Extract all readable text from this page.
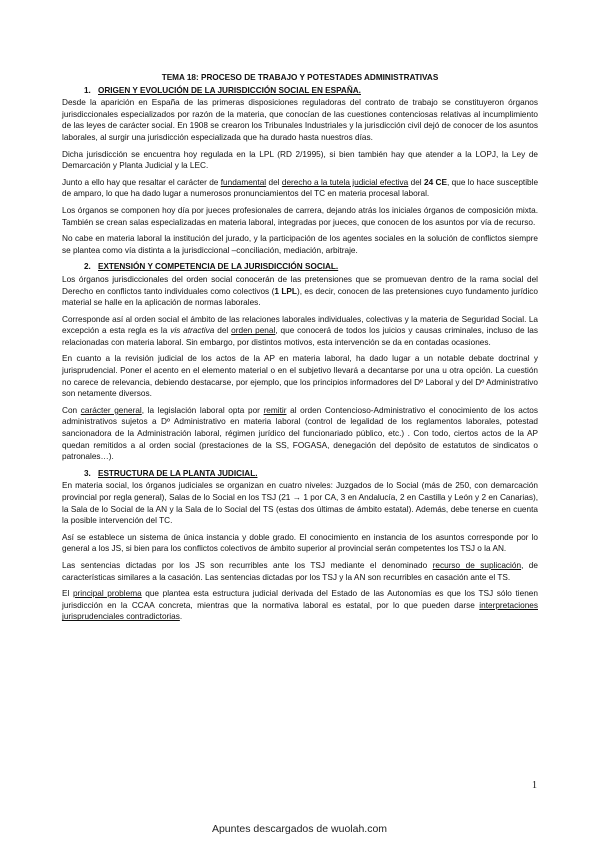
TEMA 18: PROCESO DE TRABAJO Y POTESTADES ADMINISTRATIVAS
1. ORIGEN Y EVOLUCIÓN DE LA JURISDICCIÓN SOCIAL EN ESPAÑA.

Desde la aparición en España de las primeras disposiciones reguladoras del contrato de trabajo se constituyeron órganos jurisdiccionales especializados por razón de la materia, que conocían de las cuestiones contenciosas relativas al incumplimiento de las leyes de carácter social. En 1908 se crearon los Tribunales Industriales y la jurisdicción civil dejó de conocer de los asuntos laborales, al surgir una jurisdicción especializada que ha durado hasta nuestros días.

Dicha jurisdicción se encuentra hoy regulada en la LPL (RD 2/1995), si bien también hay que atender a la LOPJ, la Ley de Demarcación y Planta Judicial y la LEC.

Junto a ello hay que resaltar el carácter de fundamental del derecho a la tutela judicial efectiva del 24 CE, que lo hace susceptible de amparo, lo que ha dado lugar a numerosos pronunciamientos del TC en materia procesal laboral.

Los órganos se componen hoy día por jueces profesionales de carrera, dejando atrás los iniciales órganos de composición mixta. También se crean salas especializadas en materia laboral, integradas por jueces, que conocen de los asuntos por vía de recurso.

No cabe en materia laboral la institución del jurado, y la participación de los agentes sociales en la solución de conflictos siempre se plantea como vía distinta a la jurisdiccional –conciliación, mediación, arbitraje.

2. EXTENSIÓN Y COMPETENCIA DE LA JURISDICCIÓN SOCIAL.

Los órganos jurisdiccionales del orden social conocerán de las pretensiones que se promuevan dentro de la rama social del Derecho en conflictos tanto individuales como colectivos (1 LPL), es decir, conocen de las pretensiones cuyo fundamento jurídico material se halle en la aplicación de normas laborales.

Corresponde así al orden social el ámbito de las relaciones laborales individuales, colectivas y la materia de Seguridad Social. La excepción a esta regla es la vis atractiva del orden penal, que conocerá de todos los juicios y causas criminales, incluso de las relacionadas con materia laboral. Sin embargo, por distintos motivos, esta intervención se da en contadas ocasiones.

En cuanto a la revisión judicial de los actos de la AP en materia laboral, ha dado lugar a un notable debate doctrinal y jurisprudencial. Poner el acento en el elemento material o en el subjetivo llevará a decantarse por una u otra opción. La cuestión no carece de relevancia, debiendo destacarse, por ejemplo, que los principios informadores del Dº Laboral y del Dº Administrativo son netamente diversos.

Con carácter general, la legislación laboral opta por remitir al orden Contencioso-Administrativo el conocimiento de los actos administrativos sujetos a Dº Administrativo en materia laboral (control de legalidad de los reglamentos laborales, potestad sancionadora de la Administración laboral, régimen jurídico del funcionariado público, etc.) . Con todo, ciertos actos de la AP quedan remitidos a al orden social (prestaciones de la SS, FOGASA, denegación del depósito de estatutos de sindicatos o patronales…).

3. ESTRUCTURA DE LA PLANTA JUDICIAL.

En materia social, los órganos judiciales se organizan en cuatro niveles: Juzgados de lo Social (más de 250, con demarcación provincial por regla general), Salas de lo Social en los TSJ (21 → 1 por CA, 3 en Andalucía, 2 en Castilla y León y 2 en Canarias), la Sala de lo Social de la AN y la Sala de lo Social del TS (estas dos últimas de ámbito estatal). Además, debe tenerse en cuenta la posible intervención del TC.

Así se establece un sistema de única instancia y doble grado. El conocimiento en instancia de los asuntos corresponde por lo general a los JS, si bien para los conflictos colectivos de ámbito superior al provincial serán competentes los TSJ o la AN.

Las sentencias dictadas por los JS son recurribles ante los TSJ mediante el denominado recurso de suplicación, de características similares a la casación. Las sentencias dictadas por los TSJ y la AN son recurribles en casación ante el TS.

El principal problema que plantea esta estructura judicial derivada del Estado de las Autonomías es que los TSJ sólo tienen jurisdicción en la CCAA concreta, mientras que la normativa laboral es estatal, por lo que pueden darse interpretaciones jurisprudenciales contradictorias.

1
Apuntes descargados de wuolah.com
